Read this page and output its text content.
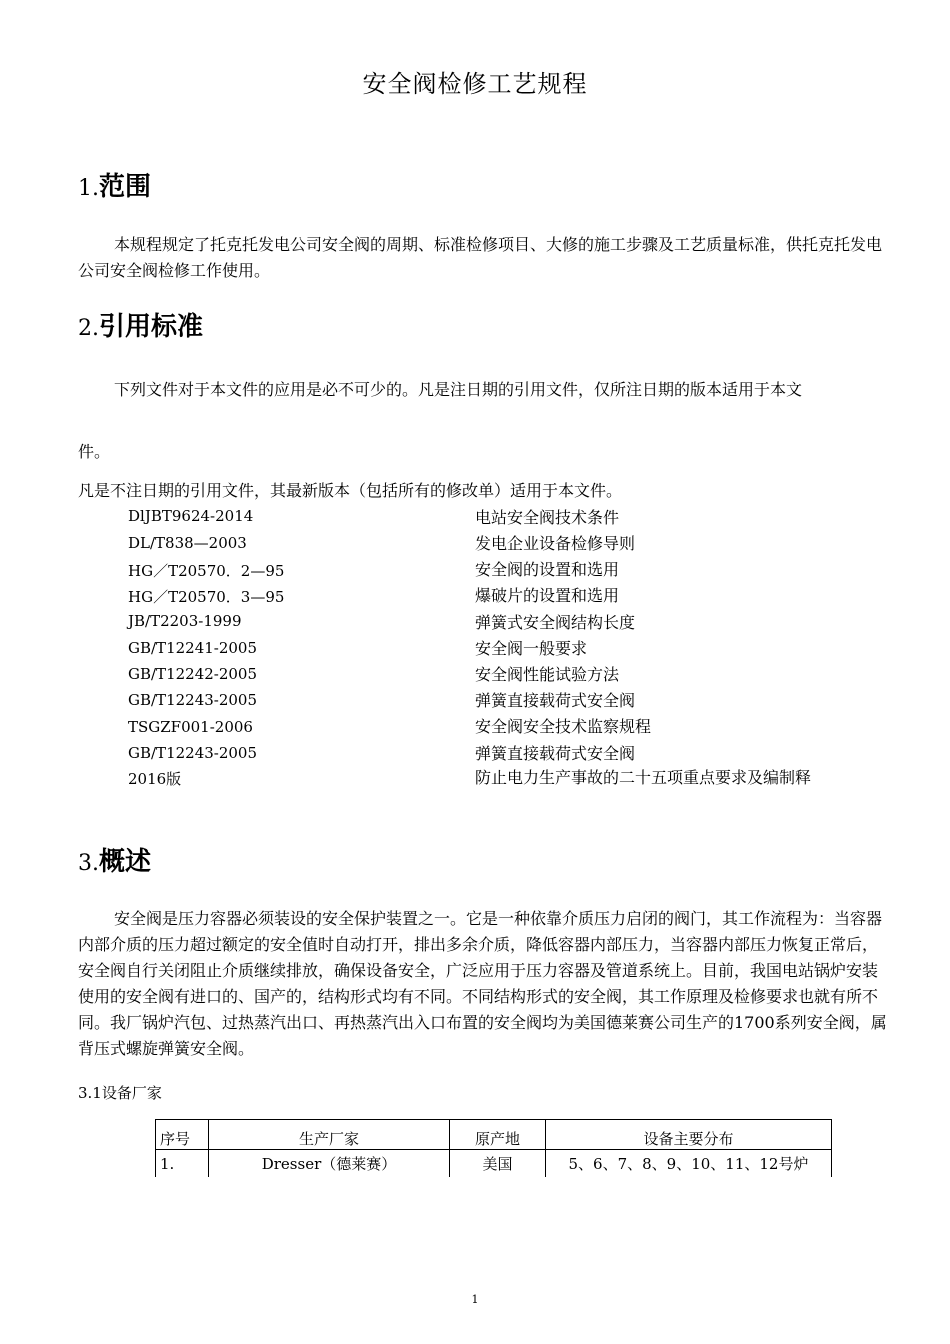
安全阀检修工艺规程
1.范围
本规程规定了托克托发电公司安全阀的周期、标准检修项目、大修的施工步骤及工艺质量标准，供托克托发电公司安全阀检修工作使用。
2.引用标准
下列文件对于本文件的应用是必不可少的。凡是注日期的引用文件，仅所注日期的版本适用于本文
件。
凡是不注日期的引用文件，其最新版本（包括所有的修改单）适用于本文件。
DlJBT9624-2014	电站安全阀技术条件
DL/T838—2003	发电企业设备检修导则
HG／T20570．2—95	安全阀的设置和选用
HG／T20570．3—95	爆破片的设置和选用
JB/T2203-1999	弹簧式安全阀结构长度
GB/T12241-2005	安全阀一般要求
GB/T12242-2005	安全阀性能试验方法
GB/T12243-2005	弹簧直接载荷式安全阀
TSGZF001-2006	安全阀安全技术监察规程
GB/T12243-2005	弹簧直接载荷式安全阀
2016版	防止电力生产事故的二十五项重点要求及编制释
3.概述
安全阀是压力容器必须装设的安全保护装置之一。它是一种依靠介质压力启闭的阀门，其工作流程为：当容器内部介质的压力超过额定的安全值时自动打开，排出多余介质，降低容器内部压力，当容器内部压力恢复正常后，安全阀自行关闭阻止介质继续排放，确保设备安全，广泛应用于压力容器及管道系统上。目前，我国电站锅炉安装使用的安全阀有进口的、国产的，结构形式均有不同。不同结构形式的安全阀，其工作原理及检修要求也就有所不同。我厂锅炉汽包、过热蒸汽出口、再热蒸汽出入口布置的安全阀均为美国德莱赛公司生产的1700系列安全阀，属背压式螺旋弹簧安全阀。
3.1设备厂家
序号	生产厂家	原产地	设备主要分布
1.	Dresser（德莱赛）	美国	5、6、7、8、9、10、11、12号炉
1
